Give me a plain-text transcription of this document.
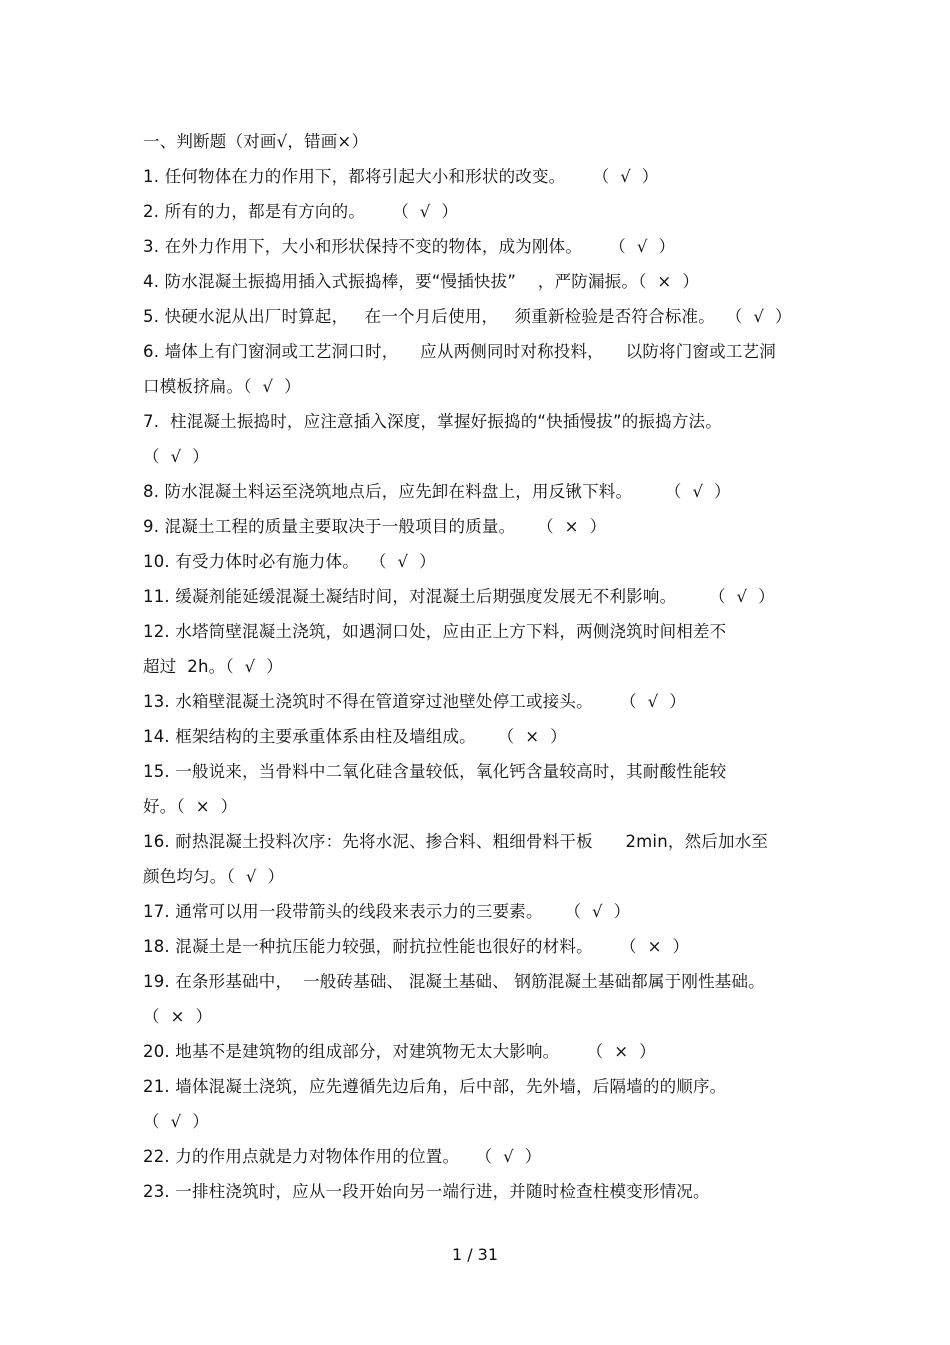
一、判断题（对画√，错画×）
1. 任何物体在力的作用下，都将引起大小和形状的改变。     （  √  ）
2. 所有的力，都是有方向的。     （  √  ）
3. 在外力作用下，大小和形状保持不变的物体，成为刚体。     （  √  ）
4. 防水混凝土振捣用插入式振捣棒，要“慢插快拔”    ，严防漏振。（  ×  ）
5. 快硬水泥从出厂时算起，   在一个月后使用，   须重新检验是否符合标准。  （  √  ）
6. 墙体上有门窗洞或工艺洞口时，    应从两侧同时对称投料，    以防将门窗或工艺洞
口模板挤扁。（  √  ）
7.  柱混凝土振捣时，应注意插入深度，掌握好振捣的“快插慢拔”的振捣方法。
（  √  ）
8. 防水混凝土料运至浇筑地点后，应先卸在料盘上，用反锹下料。      （  √  ）
9. 混凝土工程的质量主要取决于一般项目的质量。    （  ×  ）
10. 有受力体时必有施力体。  （  √  ）
11. 缓凝剂能延缓混凝土凝结时间，对混凝土后期强度发展无不利影响。      （  √  ）
12. 水塔筒壁混凝土浇筑，如遇洞口处，应由正上方下料，两侧浇筑时间相差不
超过  2h。（  √  ）
13. 水箱壁混凝土浇筑时不得在管道穿过池壁处停工或接头。     （  √  ）
14. 框架结构的主要承重体系由柱及墙组成。    （  ×  ）
15. 一般说来，当骨料中二氧化硅含量较低，氧化钙含量较高时，其耐酸性能较
好。（  ×  ）
16. 耐热混凝土投料次序：先将水泥、掺合料、粗细骨料干板      2min，然后加水至
颜色均匀。（  √  ）
17. 通常可以用一段带箭头的线段来表示力的三要素。    （  √  ）
18. 混凝土是一种抗压能力较强，耐抗拉性能也很好的材料。     （  ×  ）
19. 在条形基础中，  一般砖基础、 混凝土基础、 钢筋混凝土基础都属于刚性基础。
（  ×  ）
20. 地基不是建筑物的组成部分，对建筑物无太大影响。     （  ×  ）
21. 墙体混凝土浇筑，应先遵循先边后角，后中部，先外墙，后隔墙的的顺序。
（  √  ）
22. 力的作用点就是力对物体作用的位置。   （  √  ）
23. 一排柱浇筑时，应从一段开始向另一端行进，并随时检查柱模变形情况。
1 / 31
